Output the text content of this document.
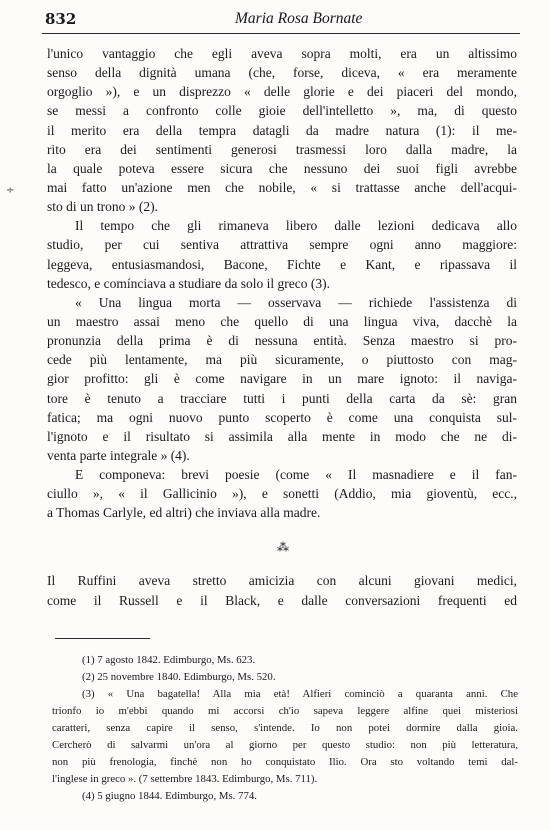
832	Maria Rosa Bornate
÷
l'unico vantaggio che egli aveva sopra molti, era un altissimo
senso della dignità umana (che, forse, diceva, « era meramente
orgoglio »), e un disprezzo « delle glorie e dei piaceri del mondo,
se messi a confronto colle gioie dell'intelletto », ma, di questo
il merito era della tempra datagli da madre natura (1): il me-
rito era dei sentimenti generosi trasmessi loro dalla madre, la
la quale poteva essere sicura che nessuno dei suoi figli avrebbe
mai fatto un'azione men che nobile, « si trattasse anche dell'acqui-
sto di un trono » (2).
Il tempo che gli rimaneva libero dalle lezioni dedicava allo
studio, per cui sentiva attrattiva sempre ogni anno maggiore:
leggeva, entusiasmandosi, Bacone, Fichte e Kant, e ripassava il
tedesco, e comínciava a studiare da solo il greco (3).
« Una lingua morta — osservava — richiede l'assistenza di
un maestro assai meno che quello di una lingua viva, dacchè la
pronunzia della prima è di nessuna entità. Senza maestro si pro-
cede più lentamente, ma più sicuramente, o piuttosto con mag-
gior profitto: gli è come navigare in un mare ignoto: il naviga-
tore è tenuto a tracciare tutti i punti della carta da sè: gran
fatica; ma ogni nuovo punto scoperto è come una conquista sul-
l'ignoto e il risultato si assimila alla mente in modo che ne di-
venta parte integrale » (4).
E componeva: brevi poesie (come « Il masnadiere e il fan-
ciullo », « il Gallicinio »), e sonetti (Addio, mia gioventù, ecc.,
a Thomas Carlyle, ed altri) che inviava alla madre.
⁂
Il Ruffini aveva stretto amicizia con alcuni giovani medici,
come il Russell e il Black, e dalle conversazioni frequenti ed
(1) 7 agosto 1842. Edimburgo, Ms. 623.
(2) 25 novembre 1840. Edimburgo, Ms. 520.
(3) « Una bagatella! Alla mia età! Alfieri cominciò a quaranta anni. Che
trionfo io m'ebbi quando mi accorsi ch'io sapeva leggere alfine quei misteriosi
caratteri, senza capire il senso, s'intende. Io non potei dormire dalla gioia.
Cercherò di salvarmi un'ora al giorno per questo studio: non più letteratura,
non più frenologia, finchè non ho conquistato Ilio. Ora sto voltando temi dal-
l'inglese in greco ». (7 settembre 1843. Edimburgo, Ms. 711).
(4) 5 giugno 1844. Edimburgo, Ms. 774.
